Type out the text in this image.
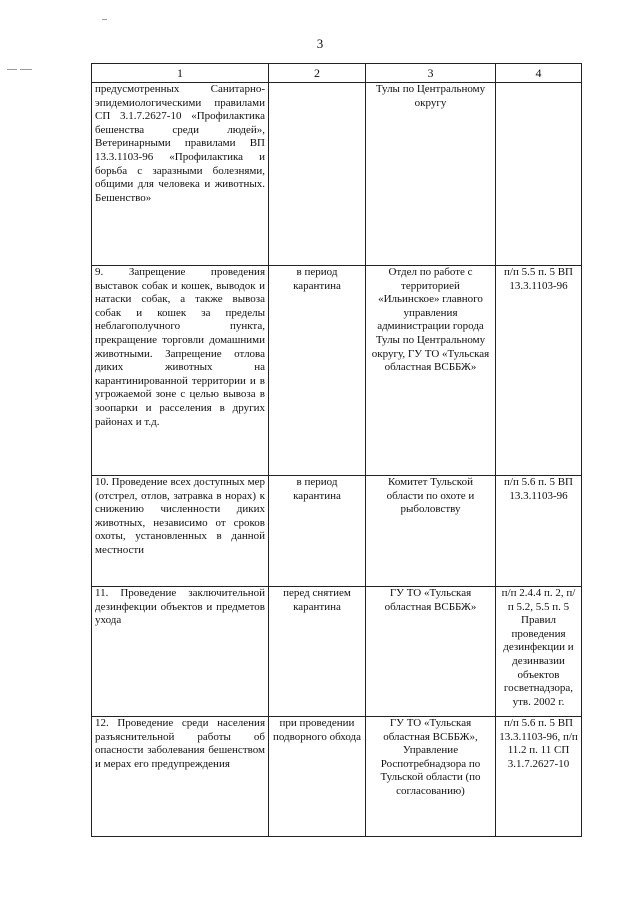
3
1	2	3	4
предусмотренных Санитарно-эпидемиологическими правилами СП 3.1.7.2627-10 «Профилактика бешенства среди людей», Ветеринарными правилами ВП 13.3.1103-96 «Профилактика и борьба с заразными болезнями, общими для человека и животных. Бешенство»		Тулы по Центральному округу	
9. Запрещение проведения выставок собак и кошек, выводок и натаски собак, а также вывоза собак и кошек за пределы неблагополучного пункта, прекращение торговли домашними животными. Запрещение отлова диких животных на карантинированной территории и в угрожаемой зоне с целью вывоза в зоопарки и расселения в других районах и т.д.	в период карантина	Отдел по работе с территорией «Ильинское» главного управления администрации города Тулы по Центральному округу, ГУ ТО «Тульская областная ВСББЖ»	п/п 5.5 п. 5 ВП 13.3.1103-96
10. Проведение всех доступных мер (отстрел, отлов, затравка в норах) к снижению численности диких животных, независимо от сроков охоты, установленных в данной местности	в период карантина	Комитет Тульской области по охоте и рыболовству	п/п 5.6 п. 5 ВП 13.3.1103-96
11. Проведение заключительной дезинфекции объектов и предметов ухода	перед снятием карантина	ГУ ТО «Тульская областная ВСББЖ»	п/п 2.4.4 п. 2, п/п 5.2, 5.5 п. 5 Правил проведения дезинфекции и дезинвазии объектов госветнадзора, утв. 2002 г.
12. Проведение среди населения разъяснительной работы об опасности заболевания бешенством и мерах его предупреждения	при проведении подворного обхода	ГУ ТО «Тульская областная ВСББЖ», Управление Роспотребнадзора по Тульской области (по согласованию)	п/п 5.6 п. 5 ВП 13.3.1103-96, п/п 11.2 п. 11 СП 3.1.7.2627-10
